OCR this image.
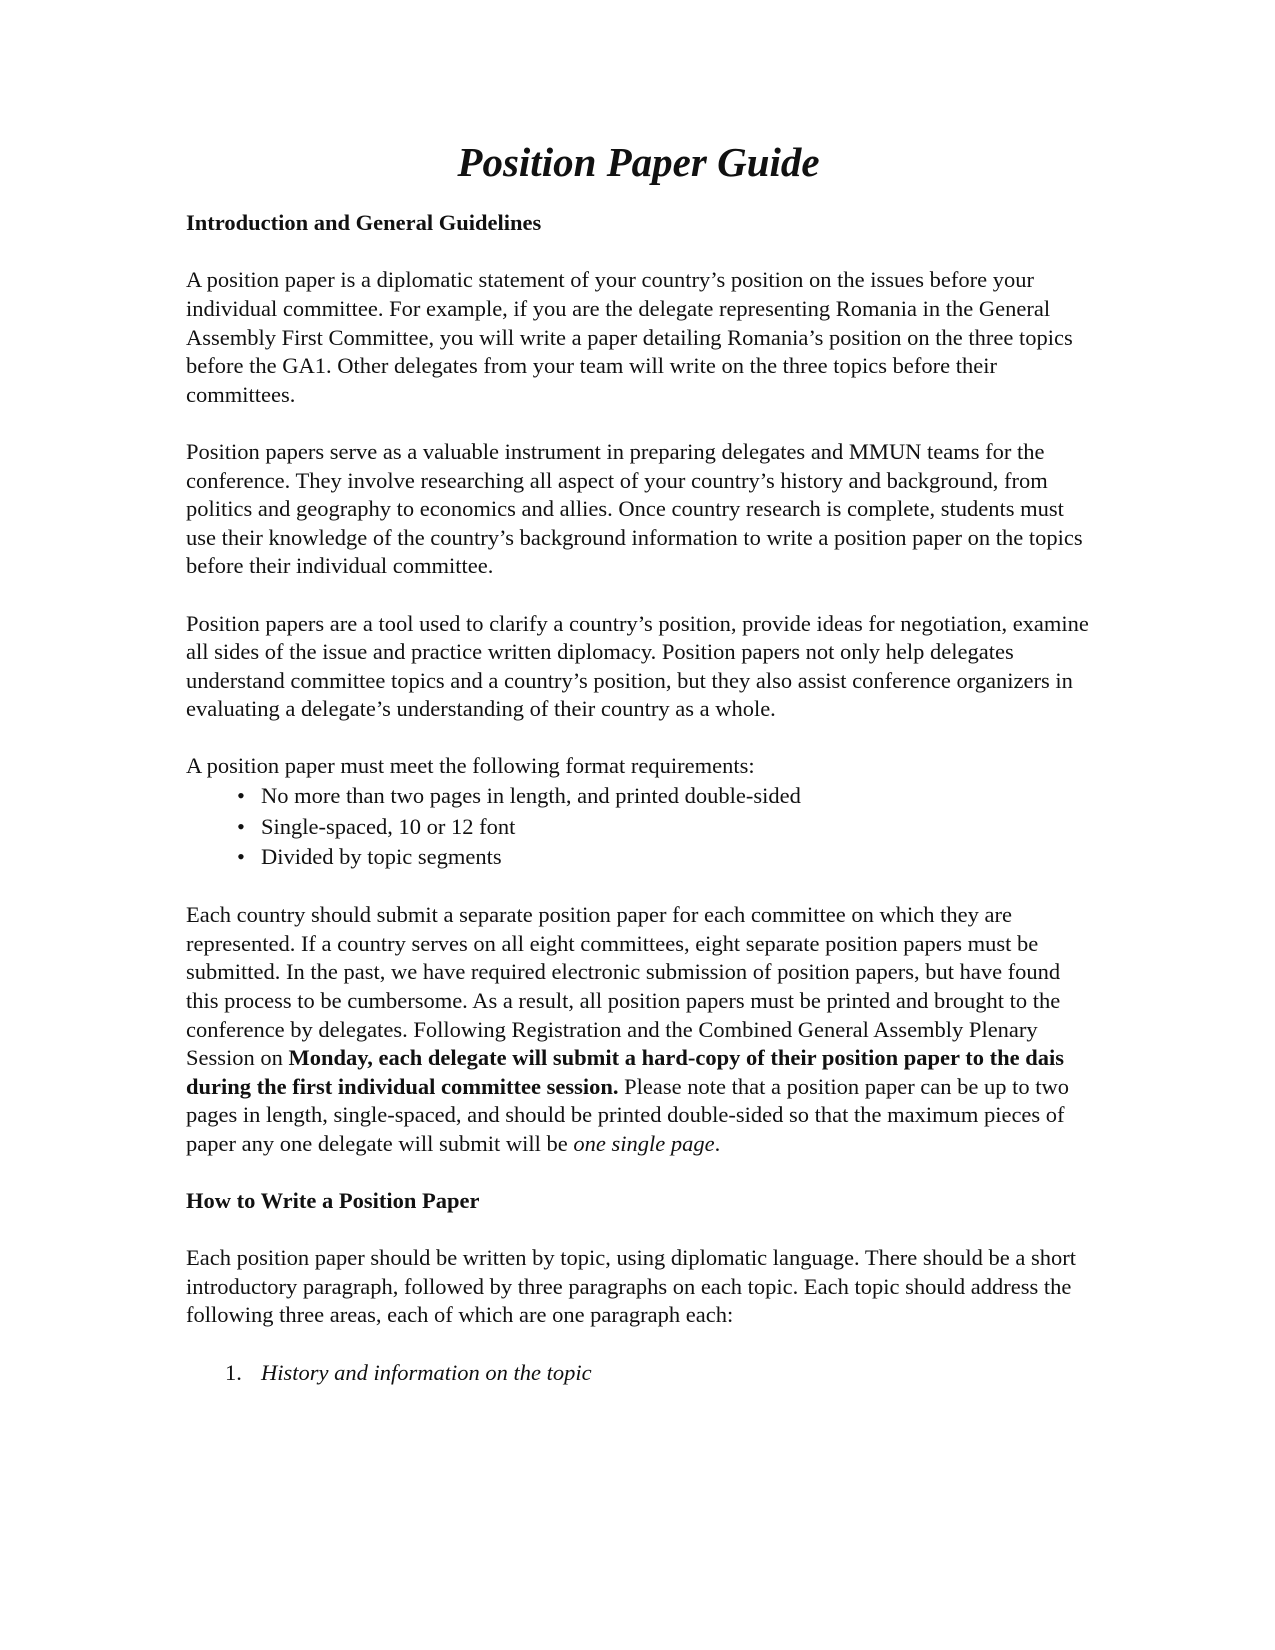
Position Paper Guide
Introduction and General Guidelines

A position paper is a diplomatic statement of your country’s position on the issues before your individual committee. For example, if you are the delegate representing Romania in the General Assembly First Committee, you will write a paper detailing Romania’s position on the three topics before the GA1. Other delegates from your team will write on the three topics before their committees.

Position papers serve as a valuable instrument in preparing delegates and MMUN teams for the conference. They involve researching all aspect of your country’s history and background, from politics and geography to economics and allies. Once country research is complete, students must use their knowledge of the country’s background information to write a position paper on the topics before their individual committee.

Position papers are a tool used to clarify a country’s position, provide ideas for negotiation, examine all sides of the issue and practice written diplomacy. Position papers not only help delegates understand committee topics and a country’s position, but they also assist conference organizers in evaluating a delegate’s understanding of their country as a whole.

A position paper must meet the following format requirements:

• No more than two pages in length, and printed double-sided
• Single-spaced, 10 or 12 font
• Divided by topic segments

Each country should submit a separate position paper for each committee on which they are represented. If a country serves on all eight committees, eight separate position papers must be submitted. In the past, we have required electronic submission of position papers, but have found this process to be cumbersome. As a result, all position papers must be printed and brought to the conference by delegates. Following Registration and the Combined General Assembly Plenary Session on Monday, each delegate will submit a hard-copy of their position paper to the dais during the first individual committee session. Please note that a position paper can be up to two pages in length, single-spaced, and should be printed double-sided so that the maximum pieces of paper any one delegate will submit will be one single page.

How to Write a Position Paper

Each position paper should be written by topic, using diplomatic language. There should be a short introductory paragraph, followed by three paragraphs on each topic. Each topic should address the following three areas, each of which are one paragraph each:

1. History and information on the topic
